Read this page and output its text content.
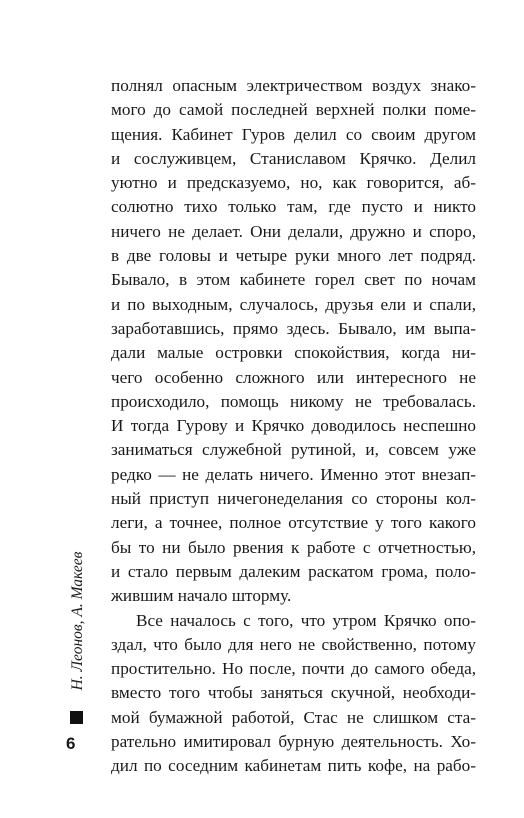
полнял опасным электричеством воздух знако-
мого до самой последней верхней полки поме-
щения. Кабинет Гуров делил со своим другом
и сослуживцем, Станиславом Крячко. Делил
уютно и предсказуемо, но, как говорится, аб-
солютно тихо только там, где пусто и никто
ничего не делает. Они делали, дружно и споро,
в две головы и четыре руки много лет подряд.
Бывало, в этом кабинете горел свет по ночам
и по выходным, случалось, друзья ели и спали,
заработавшись, прямо здесь. Бывало, им выпа-
дали малые островки спокойствия, когда ни-
чего особенно сложного или интересного не
происходило, помощь никому не требовалась.
И тогда Гурову и Крячко доводилось неспешно
заниматься служебной рутиной, и, совсем уже
редко — не делать ничего. Именно этот внезап-
ный приступ ничегонеделания со стороны кол-
леги, а точнее, полное отсутствие у того какого
бы то ни было рвения к работе с отчетностью,
и стало первым далеким раскатом грома, поло-
жившим начало шторму.
Все началось с того, что утром Крячко опо-
здал, что было для него не свойственно, потому
простительно. Но после, почти до самого обеда,
вместо того чтобы заняться скучной, необходи-
мой бумажной работой, Стас не слишком ста-
рательно имитировал бурную деятельность. Хо-
дил по соседним кабинетам пить кофе, на рабо-
Н. Леонов, А. Макеев
6
